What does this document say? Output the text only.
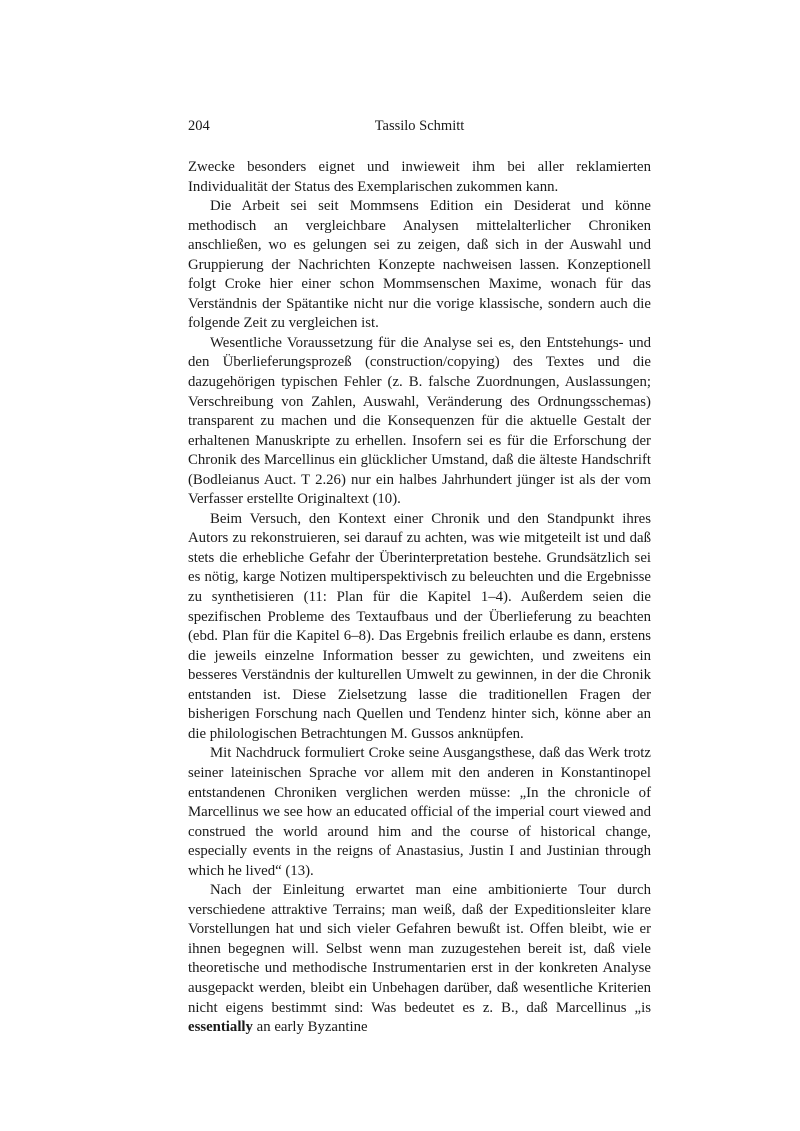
204	Tassilo Schmitt

Zwecke besonders eignet und inwieweit ihm bei aller reklamierten Individualität der Status des Exemplarischen zukommen kann.

Die Arbeit sei seit Mommsens Edition ein Desiderat und könne methodisch an vergleichbare Analysen mittelalterlicher Chroniken anschließen, wo es gelungen sei zu zeigen, daß sich in der Auswahl und Gruppierung der Nachrichten Konzepte nachweisen lassen. Konzeptionell folgt Croke hier einer schon Mommsenschen Maxime, wonach für das Verständnis der Spätantike nicht nur die vorige klassische, sondern auch die folgende Zeit zu vergleichen ist.

Wesentliche Voraussetzung für die Analyse sei es, den Entstehungs- und den Überlieferungsprozeß (construction/copying) des Textes und die dazugehörigen typischen Fehler (z. B. falsche Zuordnungen, Auslassungen; Verschreibung von Zahlen, Auswahl, Veränderung des Ordnungsschemas) transparent zu machen und die Konsequenzen für die aktuelle Gestalt der erhaltenen Manuskripte zu erhellen. Insofern sei es für die Erforschung der Chronik des Marcellinus ein glücklicher Umstand, daß die älteste Handschrift (Bodleianus Auct. T 2.26) nur ein halbes Jahrhundert jünger ist als der vom Verfasser erstellte Originaltext (10).

Beim Versuch, den Kontext einer Chronik und den Standpunkt ihres Autors zu rekonstruieren, sei darauf zu achten, was wie mitgeteilt ist und daß stets die erhebliche Gefahr der Überinterpretation bestehe. Grundsätzlich sei es nötig, karge Notizen multiperspektivisch zu beleuchten und die Ergebnisse zu synthetisieren (11: Plan für die Kapitel 1–4). Außerdem seien die spezifischen Probleme des Textaufbaus und der Überlieferung zu beachten (ebd. Plan für die Kapitel 6–8). Das Ergebnis freilich erlaube es dann, erstens die jeweils einzelne Information besser zu gewichten, und zweitens ein besseres Verständnis der kulturellen Umwelt zu gewinnen, in der die Chronik entstanden ist. Diese Zielsetzung lasse die traditionellen Fragen der bisherigen Forschung nach Quellen und Tendenz hinter sich, könne aber an die philologischen Betrachtungen M. Gussos anknüpfen.

Mit Nachdruck formuliert Croke seine Ausgangsthese, daß das Werk trotz seiner lateinischen Sprache vor allem mit den anderen in Konstantinopel entstandenen Chroniken verglichen werden müsse: „In the chronicle of Marcellinus we see how an educated official of the imperial court viewed and construed the world around him and the course of historical change, especially events in the reigns of Anastasius, Justin I and Justinian through which he lived“ (13).

Nach der Einleitung erwartet man eine ambitionierte Tour durch verschiedene attraktive Terrains; man weiß, daß der Expeditionsleiter klare Vorstellungen hat und sich vieler Gefahren bewußt ist. Offen bleibt, wie er ihnen begegnen will. Selbst wenn man zuzugestehen bereit ist, daß viele theoretische und methodische Instrumentarien erst in der konkreten Analyse ausgepackt werden, bleibt ein Unbehagen darüber, daß wesentliche Kriterien nicht eigens bestimmt sind: Was bedeutet es z. B., daß Marcellinus „is essentially an early Byzantine
